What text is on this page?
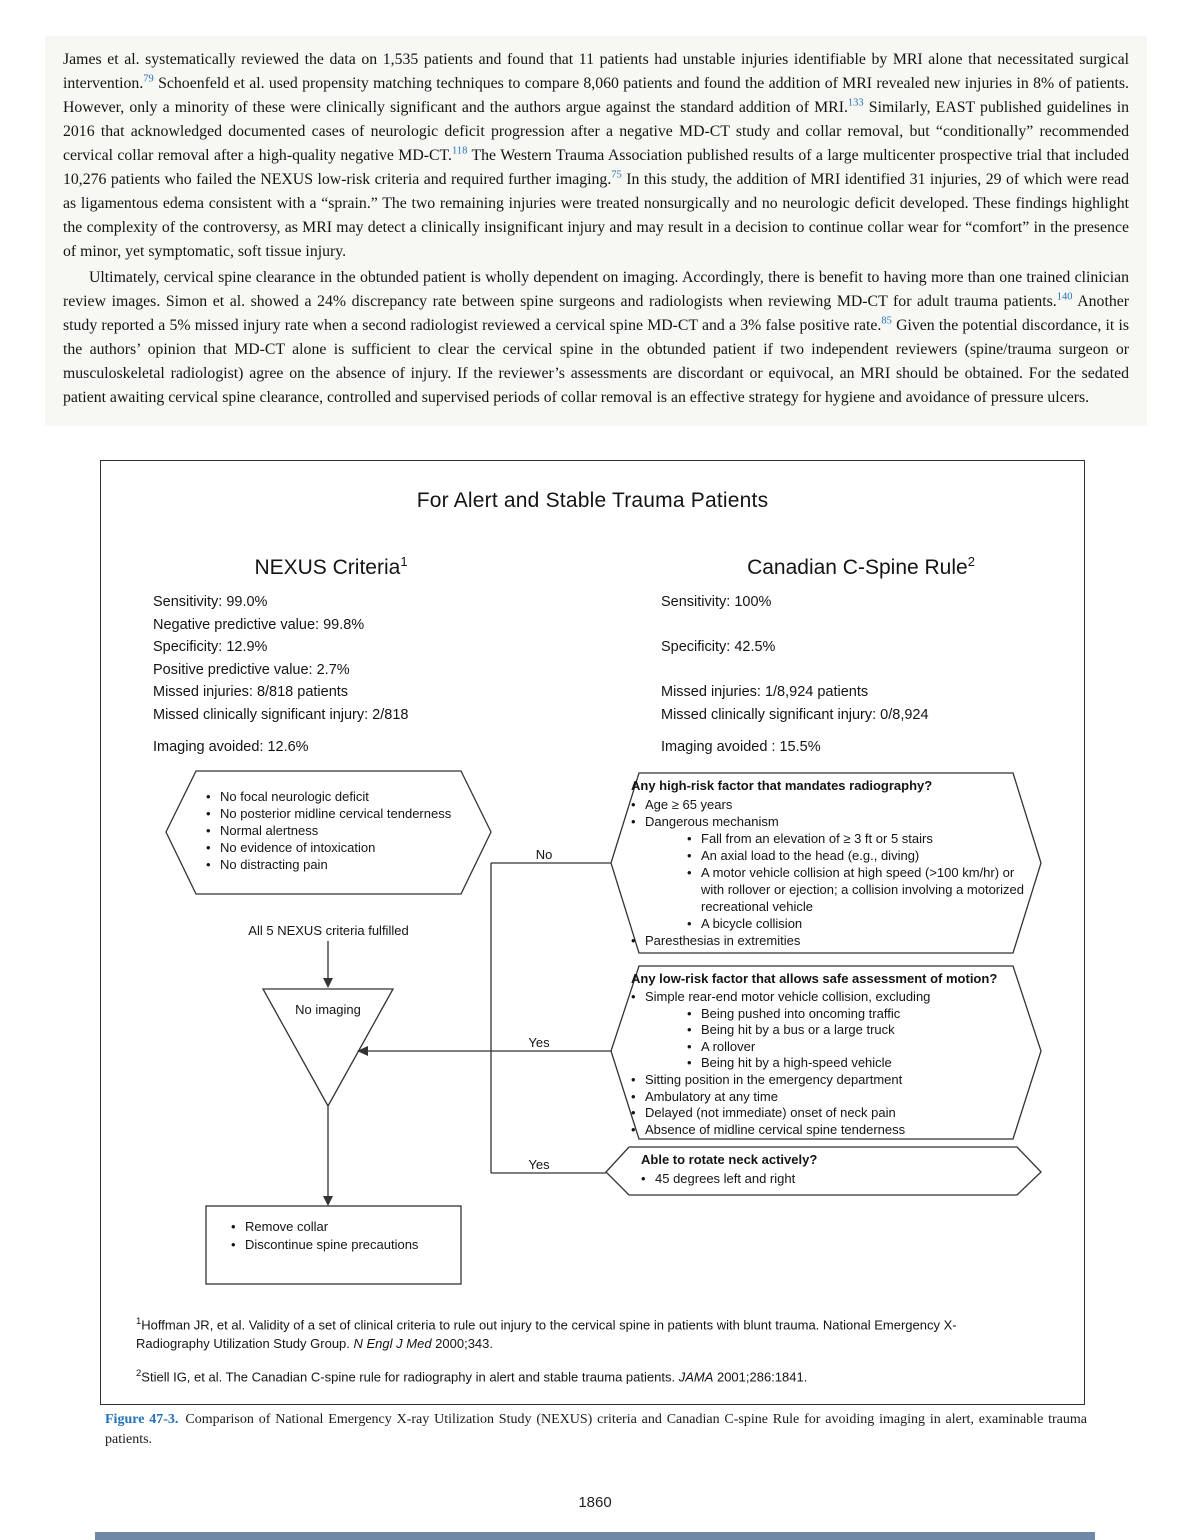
James et al. systematically reviewed the data on 1,535 patients and found that 11 patients had unstable injuries identifiable by MRI alone that necessitated surgical intervention.$^{79}$ Schoenfeld et al. used propensity matching techniques to compare 8,060 patients and found the addition of MRI revealed new injuries in 8% of patients. However, only a minority of these were clinically significant and the authors argue against the standard addition of MRI.$^{133}$ Similarly, EAST published guidelines in 2016 that acknowledged documented cases of neurologic deficit progression after a negative MD-CT study and collar removal, but “conditionally” recommended cervical collar removal after a high-quality negative MD-CT.$^{118}$ The Western Trauma Association published results of a large multicenter prospective trial that included 10,276 patients who failed the NEXUS low-risk criteria and required further imaging.$^{75}$ In this study, the addition of MRI identified 31 injuries, 29 of which were read as ligamentous edema consistent with a “sprain.” The two remaining injuries were treated nonsurgically and no neurologic deficit developed. These findings highlight the complexity of the controversy, as MRI may detect a clinically insignificant injury and may result in a decision to continue collar wear for “comfort” in the presence of minor, yet symptomatic, soft tissue injury.

Ultimately, cervical spine clearance in the obtunded patient is wholly dependent on imaging. Accordingly, there is benefit to having more than one trained clinician review images. Simon et al. showed a 24% discrepancy rate between spine surgeons and radiologists when reviewing MD-CT for adult trauma patients.$^{140}$ Another study reported a 5% missed injury rate when a second radiologist reviewed a cervical spine MD-CT and a 3% false positive rate.$^{85}$ Given the potential discordance, it is the authors’ opinion that MD-CT alone is sufficient to clear the cervical spine in the obtunded patient if two independent reviewers (spine/trauma surgeon or musculoskeletal radiologist) agree on the absence of injury. If the reviewer’s assessments are discordant or equivocal, an MRI should be obtained. For the sedated patient awaiting cervical spine clearance, controlled and supervised periods of collar removal is an effective strategy for hygiene and avoidance of pressure ulcers.

For Alert and Stable Trauma Patients
NEXUS Criteria$^1$	Canadian C-Spine Rule$^2$
Sensitivity: 99.0%
Negative predictive value: 99.8%
Specificity: 12.9%
Positive predictive value: 2.7%
Missed injuries: 8/818 patients
Missed clinically significant injury: 2/818
Imaging avoided: 12.6%
Sensitivity: 100%

Specificity: 42.5%

Missed injuries: 1/8,924 patients
Missed clinically significant injury: 0/8,924
Imaging avoided : 15.5%
• No focal neurologic deficit
• No posterior midline cervical tenderness
• Normal alertness
• No evidence of intoxication
• No distracting pain
All 5 NEXUS criteria fulfilled
No imaging
• Remove collar
• Discontinue spine precautions
Any high-risk factor that mandates radiography?
• Age ≥ 65 years
• Dangerous mechanism
• Fall from an elevation of ≥ 3 ft or 5 stairs
• An axial load to the head (e.g., diving)
• A motor vehicle collision at high speed (>100 km/hr) or with rollover or ejection; a collision involving a motorized recreational vehicle
• A bicycle collision
• Paresthesias in extremities
Any low-risk factor that allows safe assessment of motion?
• Simple rear-end motor vehicle collision, excluding
• Being pushed into oncoming traffic
• Being hit by a bus or a large truck
• A rollover
• Being hit by a high-speed vehicle
• Sitting position in the emergency department
• Ambulatory at any time
• Delayed (not immediate) onset of neck pain
• Absence of midline cervical spine tenderness
Able to rotate neck actively?
• 45 degrees left and right
No
Yes
Yes
$^1$Hoffman JR, et al. Validity of a set of clinical criteria to rule out injury to the cervical spine in patients with blunt trauma. National Emergency X-Radiography Utilization Study Group. N Engl J Med 2000;343.
$^2$Stiell IG, et al. The Canadian C-spine rule for radiography in alert and stable trauma patients. JAMA 2001;286:1841.
Figure 47-3. Comparison of National Emergency X-ray Utilization Study (NEXUS) criteria and Canadian C-spine Rule for avoiding imaging in alert, examinable trauma patients.
1860
